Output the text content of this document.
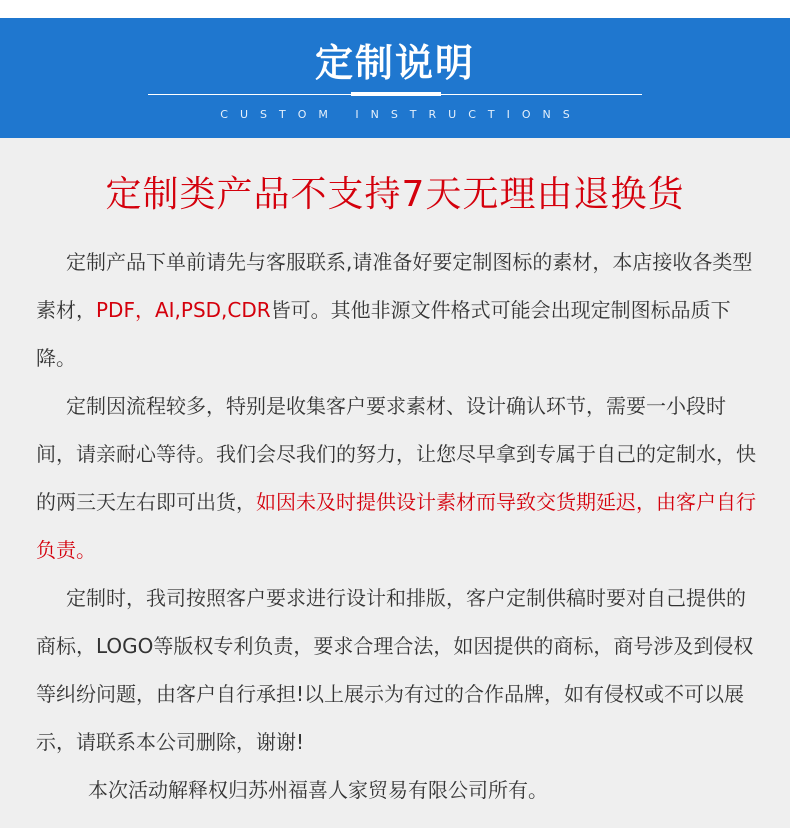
定制说明
CUSTOM INSTRUCTIONS
定制类产品不支持7天无理由退换货

定制产品下单前请先与客服联系,请准备好要定制图标的素材，本店接收各类型素材，PDF，AI,PSD,CDR皆可。其他非源文件格式可能会出现定制图标品质下降。

定制因流程较多，特别是收集客户要求素材、设计确认环节，需要一小段时间，请亲耐心等待。我们会尽我们的努力，让您尽早拿到专属于自己的定制水，快的两三天左右即可出货，如因未及时提供设计素材而导致交货期延迟，由客户自行负责。

定制时，我司按照客户要求进行设计和排版，客户定制供稿时要对自己提供的商标，LOGO等版权专利负责，要求合理合法，如因提供的商标，商号涉及到侵权等纠纷问题，由客户自行承担!以上展示为有过的合作品牌，如有侵权或不可以展示，请联系本公司删除，谢谢!

本次活动解释权归苏州福喜人家贸易有限公司所有。
